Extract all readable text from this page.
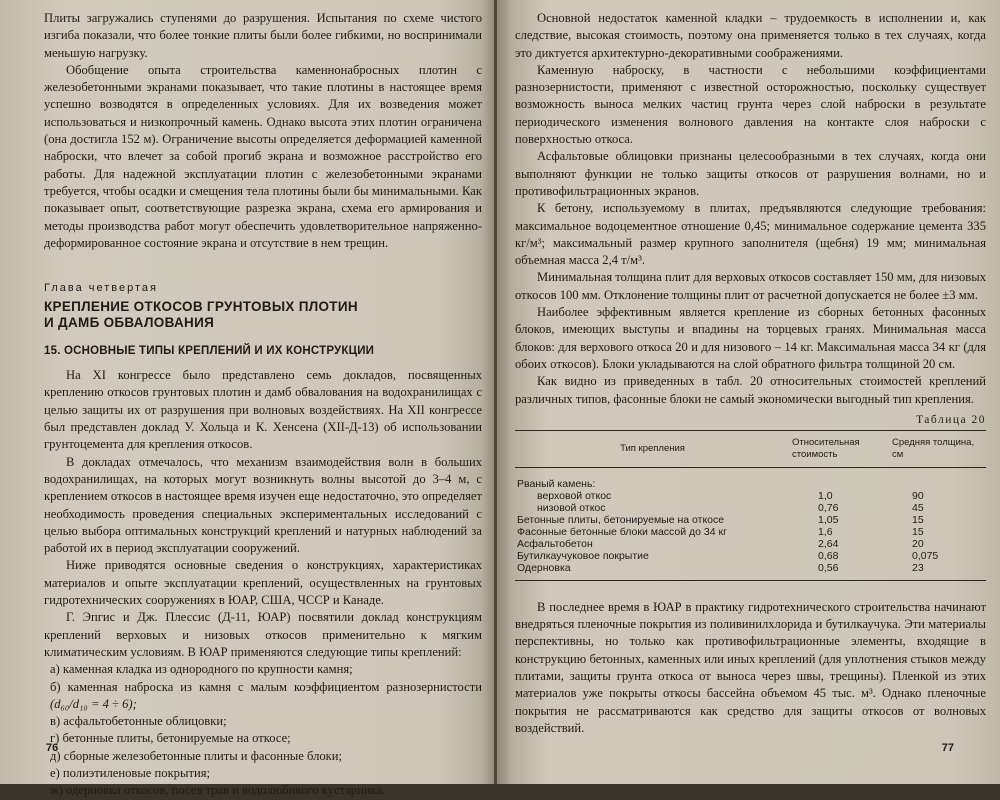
Плиты загружались ступенями до разрушения. Испытания по схеме чистого изгиба показали, что более тонкие плиты были более гибкими, но воспринимали меньшую нагрузку.

Обобщение опыта строительства каменнонабросных плотин с железобетонными экранами показывает, что такие плотины в настоящее время успешно возводятся в определенных условиях. Для их возведения может использоваться и низкопрочный камень. Однако высота этих плотин ограничена (она достигла 152 м). Ограничение высоты определяется деформацией каменной наброски, что влечет за собой прогиб экрана и возможное расстройство его работы. Для надежной эксплуатации плотин с железобетонными экранами требуется, чтобы осадки и смещения тела плотины были бы минимальными. Как показывает опыт, соответствующие разрезка экрана, схема его армирования и методы производства работ могут обеспечить удовлетворительное напряженно-деформированное состояние экрана и отсутствие в нем трещин.

Глава четвертая
КРЕПЛЕНИЕ ОТКОСОВ ГРУНТОВЫХ ПЛОТИН
И ДАМБ ОБВАЛОВАНИЯ
15. ОСНОВНЫЕ ТИПЫ КРЕПЛЕНИЙ И ИХ КОНСТРУКЦИИ

На XI конгрессе было представлено семь докладов, посвященных креплению откосов грунтовых плотин и дамб обвалования на водохранилищах с целью защиты их от разрушения при волновых воздействиях. На XII конгрессе был представлен доклад У. Хольца и К. Хенсена (XII-Д-13) об использовании грунтоцемента для крепления откосов.

В докладах отмечалось, что механизм взаимодействия волн в больших водохранилищах, на которых могут возникнуть волны высотой до 3–4 м, с креплением откосов в настоящее время изучен еще недостаточно, это определяет необходимость проведения специальных экспериментальных исследований с целью выбора оптимальных конструкций креплений и натурных наблюдений за работой их в период эксплуатации сооружений.

Ниже приводятся основные сведения о конструкциях, характеристиках материалов и опыте эксплуатации креплений, осуществленных на грунтовых гидротехнических сооружениях в ЮАР, США, ЧССР и Канаде.

Г. Эпгис и Дж. Плессис (Д-11, ЮАР) посвятили доклад конструкциям креплений верховых и низовых откосов применительно к мягким климатическим условиям. В ЮАР применяются следующие типы креплений:

а) каменная кладка из однородного по крупности камня;
б) каменная наброска из камня с малым коэффициентом разнозернистости (d₆₀/d₁₀ = 4 ÷ 6);
в) асфальтобетонные облицовки;
г) бетонные плиты, бетонируемые на откосе;
д) сборные железобетонные плиты и фасонные блоки;
е) полиэтиленовые покрытия;
ж) одерновка откосов, посев трав и водолюбивого кустарника.
76

Основной недостаток каменной кладки – трудоемкость в исполнении и, как следствие, высокая стоимость, поэтому она применяется только в тех случаях, когда это диктуется архитектурно-декоративными соображениями.

Каменную наброску, в частности с небольшими коэффициентами разнозернистости, применяют с известной осторожностью, поскольку существует возможность выноса мелких частиц грунта через слой наброски в результате периодического изменения волнового давления на контакте слоя наброски с поверхностью откоса.

Асфальтовые облицовки признаны целесообразными в тех случаях, когда они выполняют функции не только защиты откосов от разрушения волнами, но и противофильтрационных экранов.

К бетону, используемому в плитах, предъявляются следующие требования: максимальное водоцементное отношение 0,45; минимальное содержание цемента 335 кг/м³; максимальный размер крупного заполнителя (щебня) 19 мм; минимальная объемная масса 2,4 т/м³.

Минимальная толщина плит для верховых откосов составляет 150 мм, для низовых откосов 100 мм. Отклонение толщины плит от расчетной допускается не более ±3 мм.

Наиболее эффективным является крепление из сборных бетонных фасонных блоков, имеющих выступы и впадины на торцевых гранях. Минимальная масса блоков: для верхового откоса 20 и для низового – 14 кг. Максимальная масса 34 кг (для обоих откосов). Блоки укладываются на слой обратного фильтра толщиной 20 см.

Как видно из приведенных в табл. 20 относительных стоимостей креплений различных типов, фасонные блоки не самый экономически выгодный тип крепления.

Таблица 20
Тип крепления	Относительная стоимость	Средняя толщина, см
Рваный камень:		
верховой откос	1,0	90
низовой откос	0,76	45
Бетонные плиты, бетонируемые на откосе	1,05	15
Фасонные бетонные блоки массой до 34 кг	1,6	15
Асфальтобетон	2,64	20
Бутилкаучуковое покрытие	0,68	0,075
Одерновка	0,56	23

В последнее время в ЮАР в практику гидротехнического строительства начинают внедряться пленочные покрытия из поливинилхлорида и бутилкаучука. Эти материалы перспективны, но только как противофильтрационные элементы, входящие в конструкцию бетонных, каменных или иных креплений (для уплотнения стыков между плитами, защиты грунта откоса от выноса через швы, трещины). Пленкой из этих материалов уже покрыты откосы бассейна объемом 45 тыс. м³. Однако пленочные покрытия не рассматриваются как средство для защиты откосов от волновых воздействий.

77
